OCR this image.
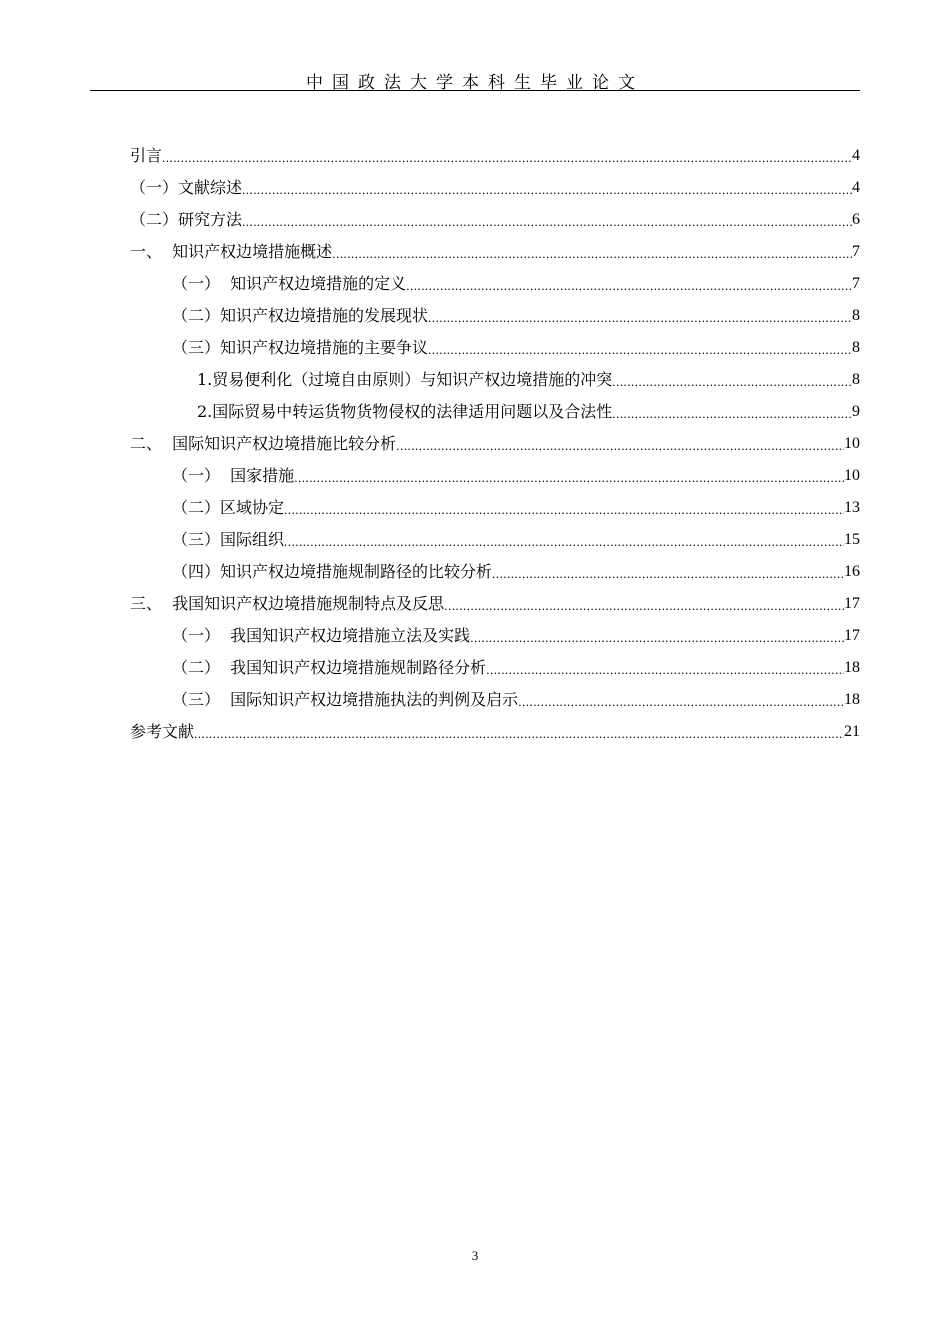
中国政法大学本科生毕业论文
引言 .....	4
（一）文献综述 .....	4
（二）研究方法 .....	6
一、  知识产权边境措施概述 .....	7
（一）  知识产权边境措施的定义 .....	7
（二）知识产权边境措施的发展现状 .....	8
（三）知识产权边境措施的主要争议 .....	8
1.贸易便利化（过境自由原则）与知识产权边境措施的冲突 .....	8
2.国际贸易中转运货物货物侵权的法律适用问题以及合法性 .....	9
二、  国际知识产权边境措施比较分析 .....	10
（一）  国家措施 .....	10
（二）区域协定 .....	13
（三）国际组织 .....	15
（四）知识产权边境措施规制路径的比较分析 .....	16
三、  我国知识产权边境措施规制特点及反思 .....	17
（一）  我国知识产权边境措施立法及实践 .....	17
（二）  我国知识产权边境措施规制路径分析 .....	18
（三）  国际知识产权边境措施执法的判例及启示 .....	18
参考文献 .....	21
3
